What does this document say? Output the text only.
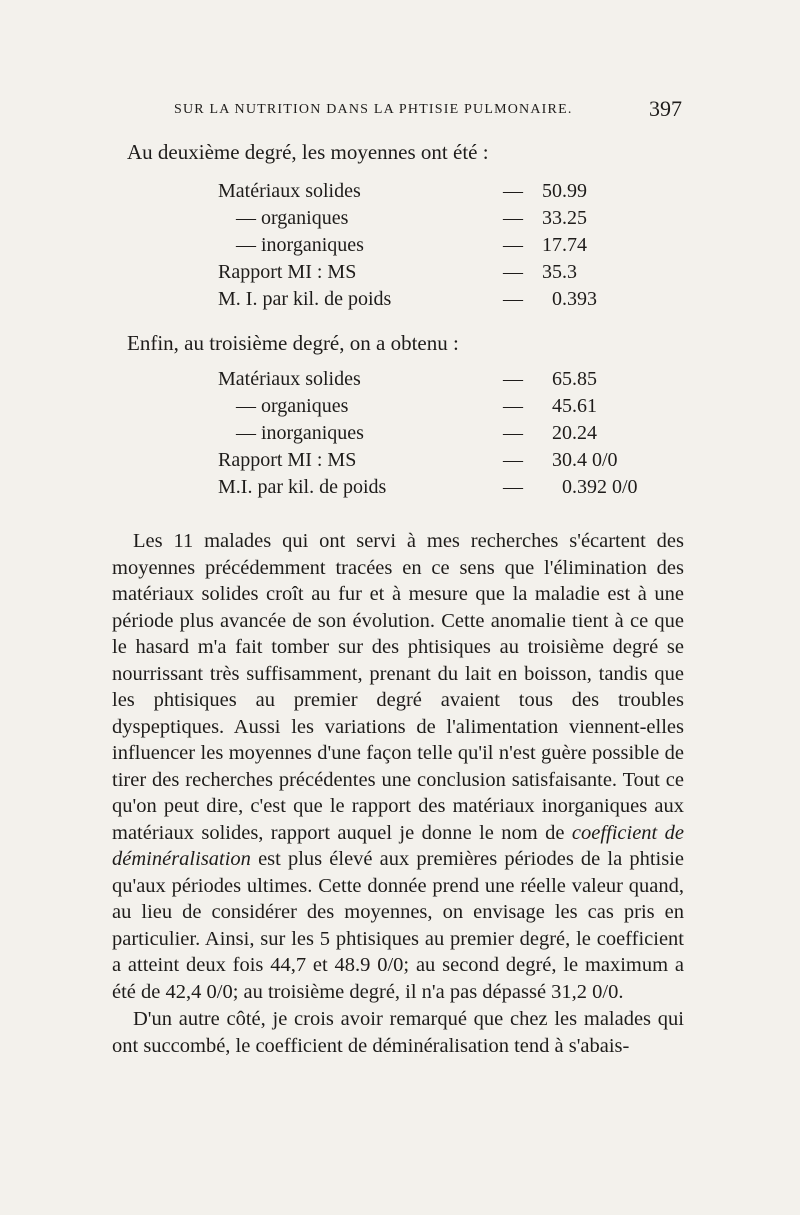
SUR LA NUTRITION DANS LA PHTISIE PULMONAIRE.	397
Au deuxième degré, les moyennes ont été :
Matériaux solides	—	50.99
— organiques	—	33.25
— inorganiques	—	17.74
Rapport MI : MS	—	35.3
M. I. par kil. de poids	—	0.393
Enfin, au troisième degré, on a obtenu :
Matériaux solides	—	65.85
— organiques	—	45.61
— inorganiques	—	20.24
Rapport MI : MS	—	30.4 0/0
M.I. par kil. de poids	—	0.392 0/0

Les 11 malades qui ont servi à mes recherches s'écartent des moyennes précédemment tracées en ce sens que l'élimination des matériaux solides croît au fur et à mesure que la maladie est à une période plus avancée de son évolution. Cette anomalie tient à ce que le hasard m'a fait tomber sur des phtisiques au troisième degré se nourrissant très suffisamment, prenant du lait en boisson, tandis que les phtisiques au premier degré avaient tous des troubles dyspeptiques. Aussi les variations de l'alimentation viennent-elles influencer les moyennes d'une façon telle qu'il n'est guère possible de tirer des recherches précédentes une conclusion satisfaisante. Tout ce qu'on peut dire, c'est que le rapport des matériaux inorganiques aux matériaux solides, rapport auquel je donne le nom de coefficient de déminéralisation est plus élevé aux premières périodes de la phtisie qu'aux périodes ultimes. Cette donnée prend une réelle valeur quand, au lieu de considérer des moyennes, on envisage les cas pris en particulier. Ainsi, sur les 5 phtisiques au premier degré, le coefficient a atteint deux fois 44,7 et 48.9 0/0; au second degré, le maximum a été de 42,4 0/0; au troisième degré, il n'a pas dépassé 31,2 0/0.

D'un autre côté, je crois avoir remarqué que chez les malades qui ont succombé, le coefficient de déminéralisation tend à s'abais-
